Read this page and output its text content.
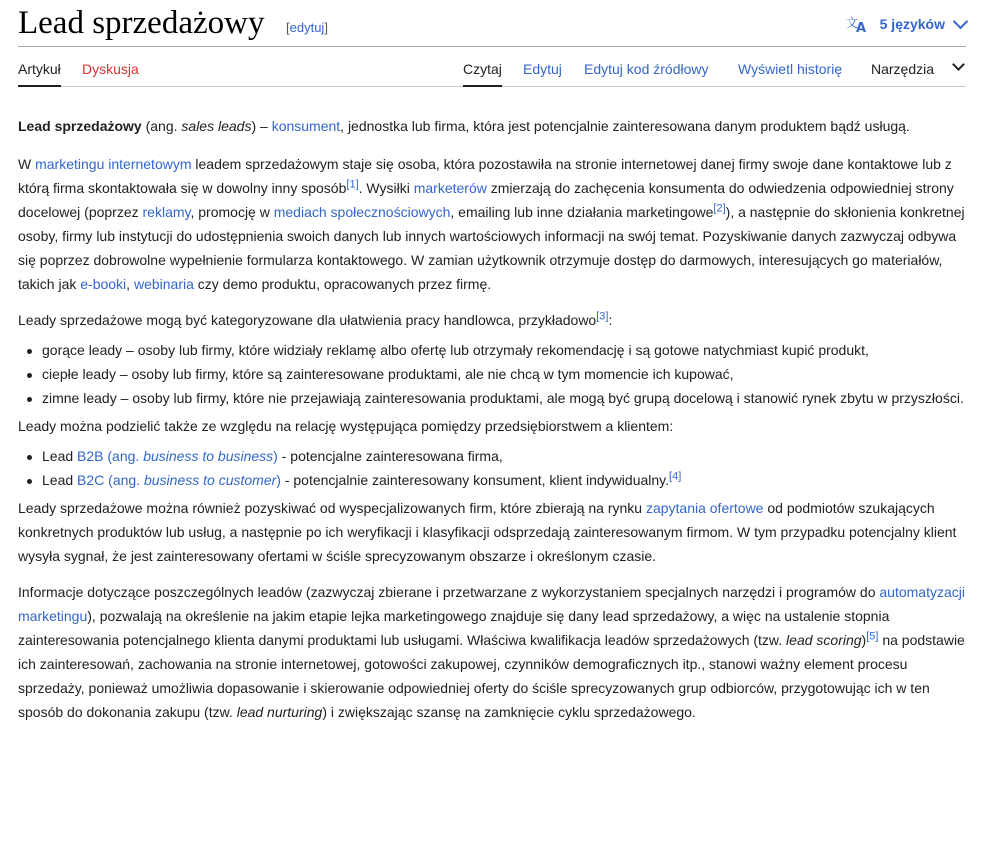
Lead sprzedażowy [edytuj]	文
A 5 języków
Artykuł Dyskusja	Czytaj Edytuj Edytuj kod źródłowy Wyświetl historię Narzędzia

Lead sprzedażowy (ang. sales leads) – konsument, jednostka lub firma, która jest potencjalnie zainteresowana danym produktem bądź usługą.

W marketingu internetowym leadem sprzedażowym staje się osoba, która pozostawiła na stronie internetowej danej firmy swoje dane kontaktowe lub z którą firma skontaktowała się w dowolny inny sposób[1]. Wysiłki marketerów zmierzają do zachęcenia konsumenta do odwiedzenia odpowiedniej strony docelowej (poprzez reklamy, promocję w mediach społecznościowych, emailing lub inne działania marketingowe[2]), a następnie do skłonienia konkretnej osoby, firmy lub instytucji do udostępnienia swoich danych lub innych wartościowych informacji na swój temat. Pozyskiwanie danych zazwyczaj odbywa się poprzez dobrowolne wypełnienie formularza kontaktowego. W zamian użytkownik otrzymuje dostęp do darmowych, interesujących go materiałów, takich jak e-booki, webinaria czy demo produktu, opracowanych przez firmę.

Leady sprzedażowe mogą być kategoryzowane dla ułatwienia pracy handlowca, przykładowo[3]:

gorące leady – osoby lub firmy, które widziały reklamę albo ofertę lub otrzymały rekomendację i są gotowe natychmiast kupić produkt,
ciepłe leady – osoby lub firmy, które są zainteresowane produktami, ale nie chcą w tym momencie ich kupować,
zimne leady – osoby lub firmy, które nie przejawiają zainteresowania produktami, ale mogą być grupą docelową i stanowić rynek zbytu w przyszłości.

Leady można podzielić także ze względu na relację występująca pomiędzy przedsiębiorstwem a klientem:

Lead B2B (ang. business to business) - potencjalne zainteresowana firma,
Lead B2C (ang. business to customer) - potencjalnie zainteresowany konsument, klient indywidualny.[4]

Leady sprzedażowe można również pozyskiwać od wyspecjalizowanych firm, które zbierają na rynku zapytania ofertowe od podmiotów szukających konkretnych produktów lub usług, a następnie po ich weryfikacji i klasyfikacji odsprzedają zainteresowanym firmom. W tym przypadku potencjalny klient wysyła sygnał, że jest zainteresowany ofertami w ściśle sprecyzowanym obszarze i określonym czasie.

Informacje dotyczące poszczególnych leadów (zazwyczaj zbierane i przetwarzane z wykorzystaniem specjalnych narzędzi i programów do automatyzacji marketingu), pozwalają na określenie na jakim etapie lejka marketingowego znajduje się dany lead sprzedażowy, a więc na ustalenie stopnia zainteresowania potencjalnego klienta danymi produktami lub usługami. Właściwa kwalifikacja leadów sprzedażowych (tzw. lead scoring)[5] na podstawie ich zainteresowań, zachowania na stronie internetowej, gotowości zakupowej, czynników demograficznych itp., stanowi ważny element procesu sprzedaży, ponieważ umożliwia dopasowanie i skierowanie odpowiedniej oferty do ściśle sprecyzowanych grup odbiorców, przygotowując ich w ten sposób do dokonania zakupu (tzw. lead nurturing) i zwiększając szansę na zamknięcie cyklu sprzedażowego.
